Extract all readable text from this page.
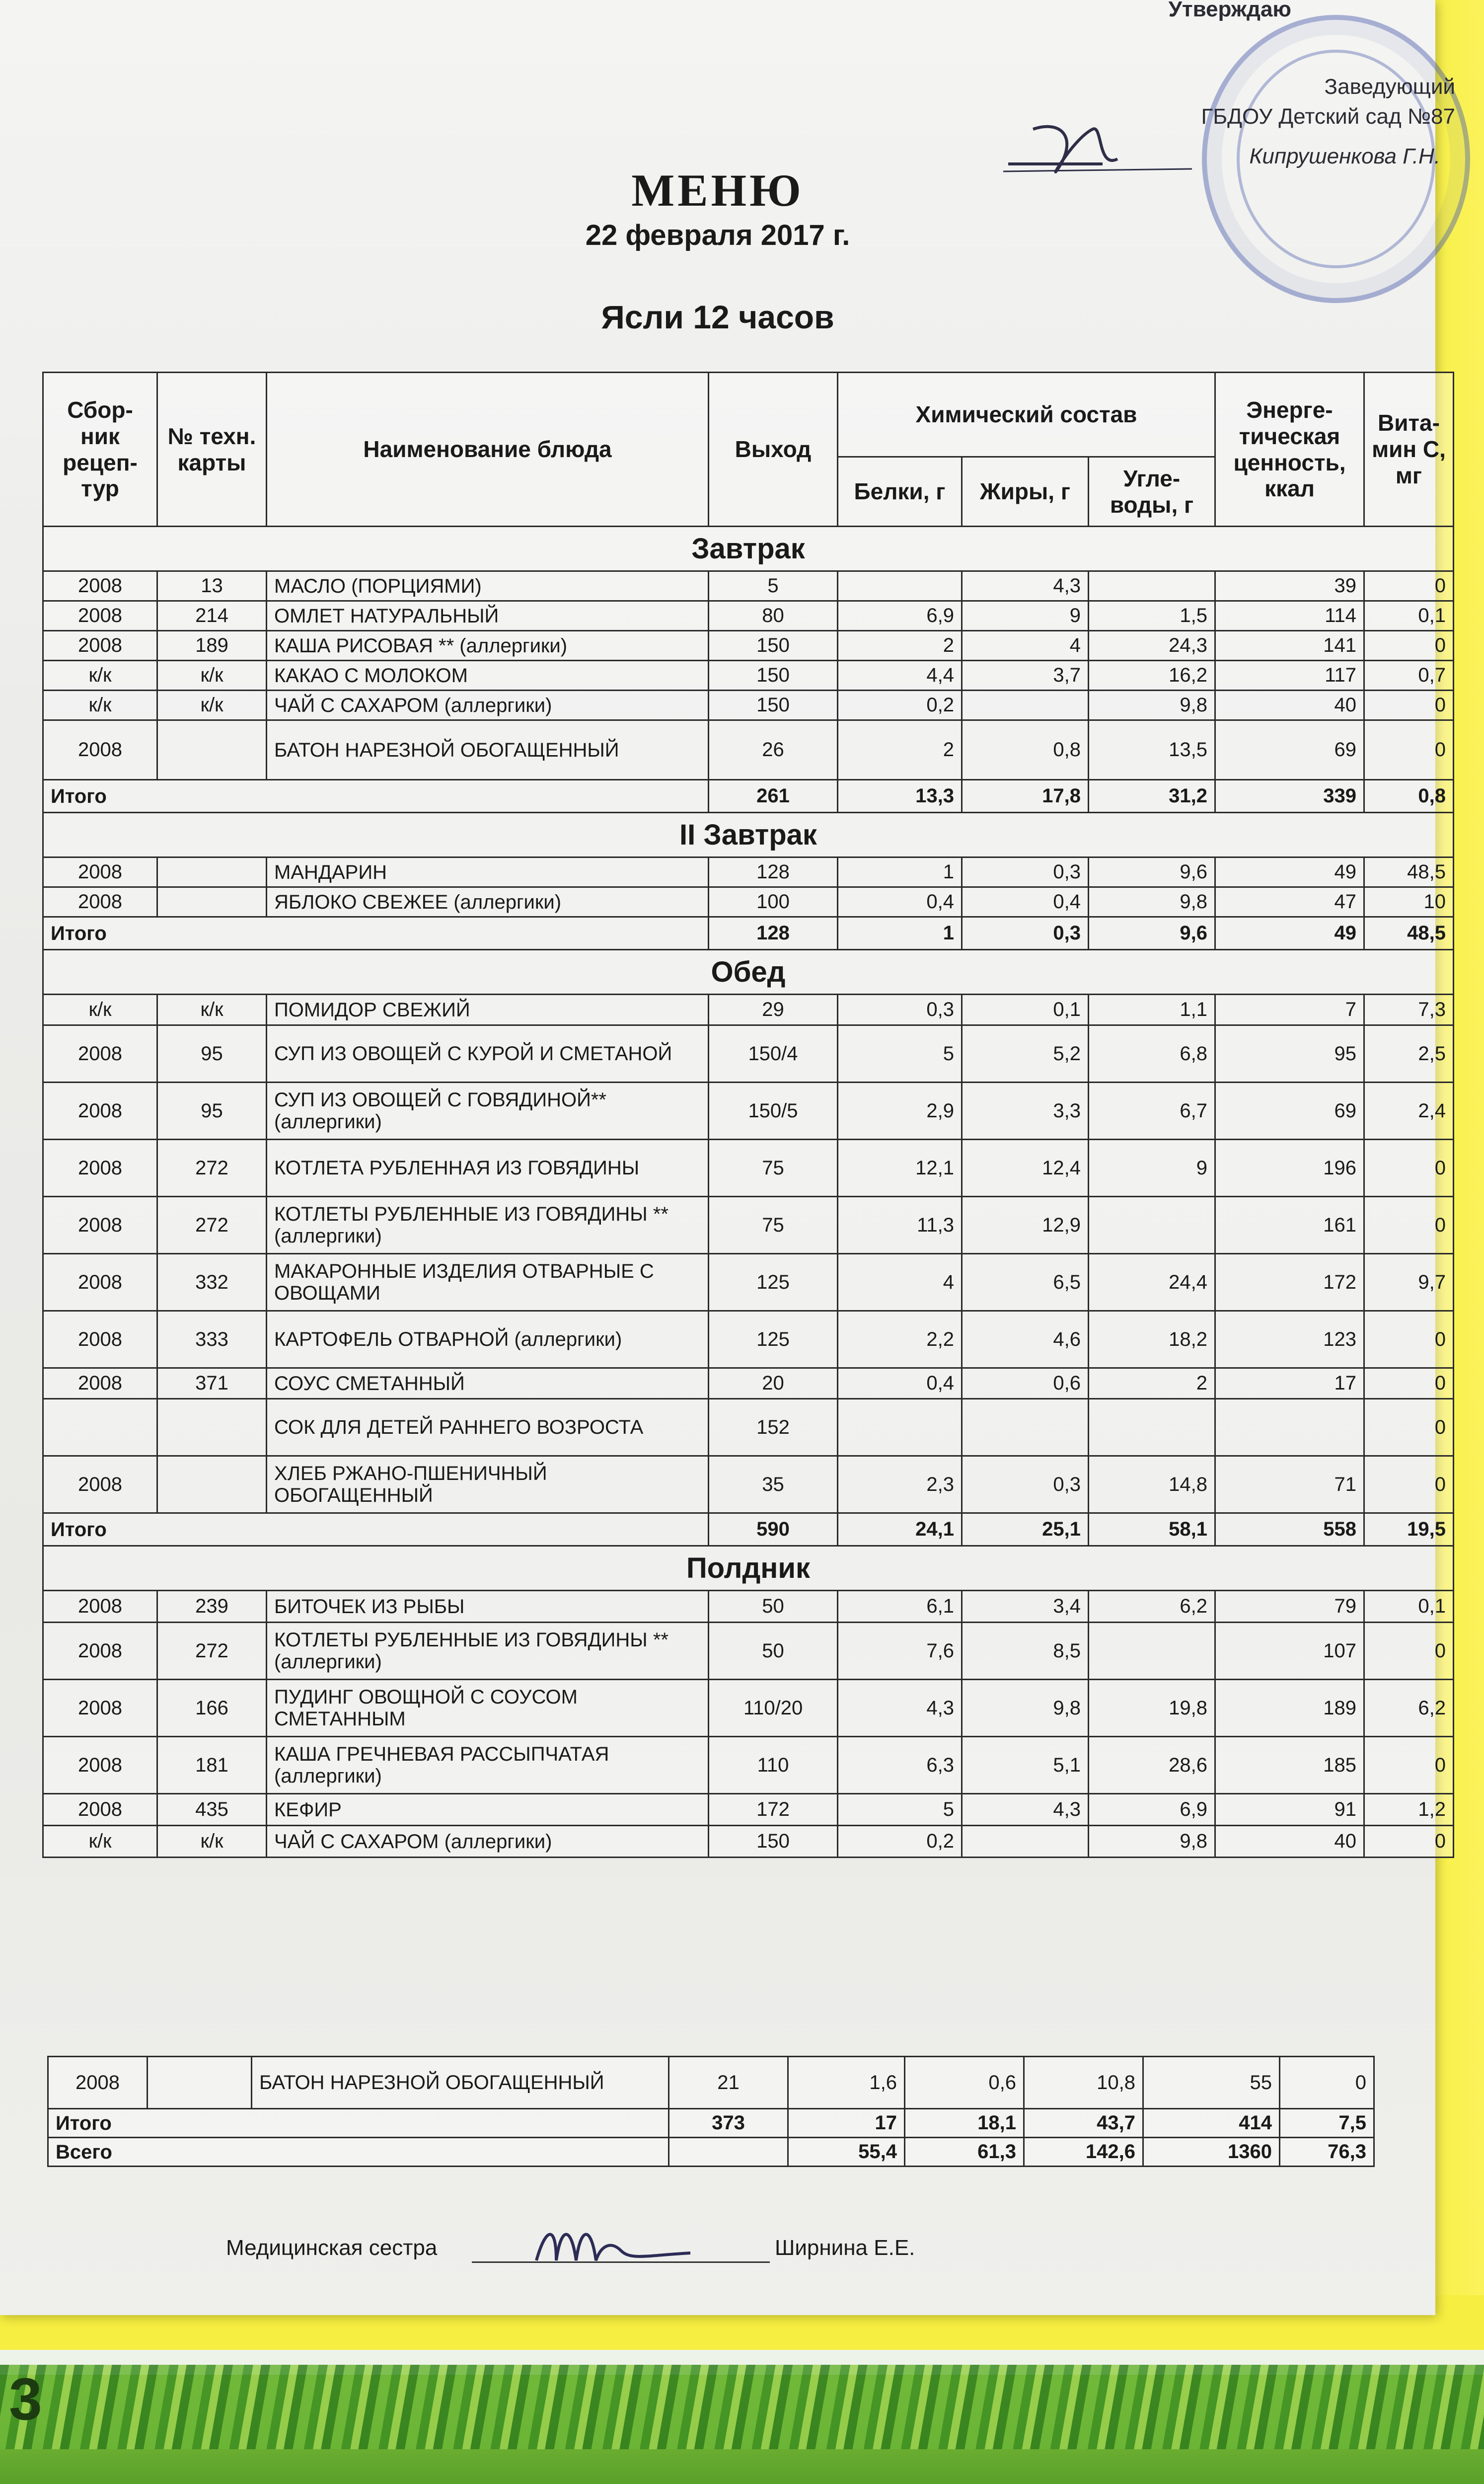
3
Утверждаю
Заведующий
ГБДОУ Детский сад №87
Кипрушенкова Г.Н.
МЕНЮ
22 февраля 2017 г.
Ясли 12 часов
Сбор-ник рецеп-тур	№ техн. карты	Наименование блюда	Выход	Химический состав			Энерге-тическая ценность, ккал	Вита-мин С, мг
				Белки, г	Жиры, г	Угле-воды, г		
Завтрак								
2008	13	МАСЛО (ПОРЦИЯМИ)	5		4,3		39	0
2008	214	ОМЛЕТ НАТУРАЛЬНЫЙ	80	6,9	9	1,5	114	0,1
2008	189	КАША РИСОВАЯ ** (аллергики)	150	2	4	24,3	141	0
к/к	к/к	КАКАО С МОЛОКОМ	150	4,4	3,7	16,2	117	0,7
к/к	к/к	ЧАЙ С САХАРОМ (аллергики)	150	0,2		9,8	40	0
2008		БАТОН НАРЕЗНОЙ ОБОГАЩЕННЫЙ	26	2	0,8	13,5	69	0
Итого			261	13,3	17,8	31,2	339	0,8
II Завтрак								
2008		МАНДАРИН	128	1	0,3	9,6	49	48,5
2008		ЯБЛОКО СВЕЖЕЕ (аллергики)	100	0,4	0,4	9,8	47	10
Итого			128	1	0,3	9,6	49	48,5
Обед								
к/к	к/к	ПОМИДОР СВЕЖИЙ	29	0,3	0,1	1,1	7	7,3
2008	95	СУП ИЗ ОВОЩЕЙ С КУРОЙ И СМЕТАНОЙ	150/4	5	5,2	6,8	95	2,5
2008	95	СУП ИЗ ОВОЩЕЙ С ГОВЯДИНОЙ** (аллергики)	150/5	2,9	3,3	6,7	69	2,4
2008	272	КОТЛЕТА РУБЛЕННАЯ ИЗ ГОВЯДИНЫ	75	12,1	12,4	9	196	0
2008	272	КОТЛЕТЫ РУБЛЕННЫЕ ИЗ ГОВЯДИНЫ ** (аллергики)	75	11,3	12,9		161	0
2008	332	МАКАРОННЫЕ ИЗДЕЛИЯ ОТВАРНЫЕ С ОВОЩАМИ	125	4	6,5	24,4	172	9,7
2008	333	КАРТОФЕЛЬ ОТВАРНОЙ (аллергики)	125	2,2	4,6	18,2	123	0
2008	371	СОУС СМЕТАННЫЙ	20	0,4	0,6	2	17	0
		СОК ДЛЯ ДЕТЕЙ РАННЕГО ВОЗРОСТА	152					0
2008		ХЛЕБ РЖАНО-ПШЕНИЧНЫЙ ОБОГАЩЕННЫЙ	35	2,3	0,3	14,8	71	0
Итого			590	24,1	25,1	58,1	558	19,5
Полдник								
2008	239	БИТОЧЕК ИЗ РЫБЫ	50	6,1	3,4	6,2	79	0,1
2008	272	КОТЛЕТЫ РУБЛЕННЫЕ ИЗ ГОВЯДИНЫ ** (аллергики)	50	7,6	8,5		107	0
2008	166	ПУДИНГ ОВОЩНОЙ С СОУСОМ СМЕТАННЫМ	110/20	4,3	9,8	19,8	189	6,2
2008	181	КАША ГРЕЧНЕВАЯ РАССЫПЧАТАЯ (аллергики)	110	6,3	5,1	28,6	185	0
2008	435	КЕФИР	172	5	4,3	6,9	91	1,2
к/к	к/к	ЧАЙ С САХАРОМ (аллергики)	150	0,2		9,8	40	0
2008		БАТОН НАРЕЗНОЙ ОБОГАЩЕННЫЙ	21	1,6	0,6	10,8	55	0
Итого			373	17	18,1	43,7	414	7,5
Всего				55,4	61,3	142,6	1360	76,3
Медицинская сестра	Ширнина Е.Е.
